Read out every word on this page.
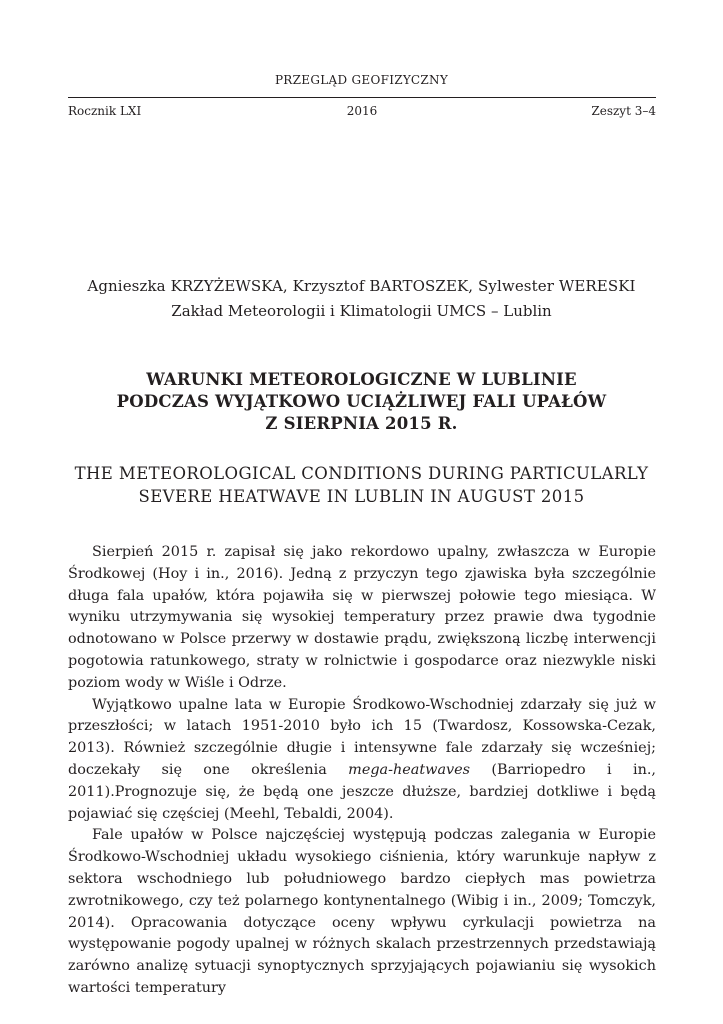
PRZEGLĄD GEOFIZYCZNY
Rocznik LXI	2016	Zeszyt 3–4
Agnieszka KRZYŻEWSKA, Krzysztof BARTOSZEK, Sylwester WERESKI
Zakład Meteorologii i Klimatologii UMCS – Lublin
WARUNKI METEOROLOGICZNE W LUBLINIE
PODCZAS WYJĄTKOWO UCIĄŻLIWEJ FALI UPAŁÓW
Z SIERPNIA 2015 R.
THE METEOROLOGICAL CONDITIONS DURING PARTICULARLY
SEVERE HEATWAVE IN LUBLIN IN AUGUST 2015

Sierpień 2015 r. zapisał się jako rekordowo upalny, zwłaszcza w Europie Środkowej (Hoy i in., 2016). Jedną z przyczyn tego zjawiska była szczególnie długa fala upałów, która pojawiła się w pierwszej połowie tego miesiąca. W wyniku utrzymywania się wysokiej temperatury przez prawie dwa tygodnie odnotowano w Polsce przerwy w dostawie prądu, zwiększoną liczbę interwencji pogotowia ratunkowego, straty w rolnictwie i gospodarce oraz niezwykle niski poziom wody w Wiśle i Odrze.

Wyjątkowo upalne lata w Europie Środkowo-Wschodniej zdarzały się już w przeszłości; w latach 1951-2010 było ich 15 (Twardosz, Kossowska-Cezak, 2013). Również szczególnie długie i intensywne fale zdarzały się wcześniej; doczekały się one określenia mega-heatwaves (Barriopedro i in., 2011).Prognozuje się, że będą one jeszcze dłuższe, bardziej dotkliwe i będą pojawiać się częściej (Meehl, Tebaldi, 2004).

Fale upałów w Polsce najczęściej występują podczas zalegania w Europie Środkowo-Wschodniej układu wysokiego ciśnienia, który warunkuje napływ z sektora wschodniego lub południowego bardzo ciepłych mas powietrza zwrotnikowego, czy też polarnego kontynentalnego (Wibig i in., 2009; Tomczyk, 2014). Opracowania dotyczące oceny wpływu cyrkulacji powietrza na występowanie pogody upalnej w różnych skalach przestrzennych przedstawiają zarówno analizę sytuacji synoptycznych sprzyjających pojawianiu się wysokich wartości temperatury
